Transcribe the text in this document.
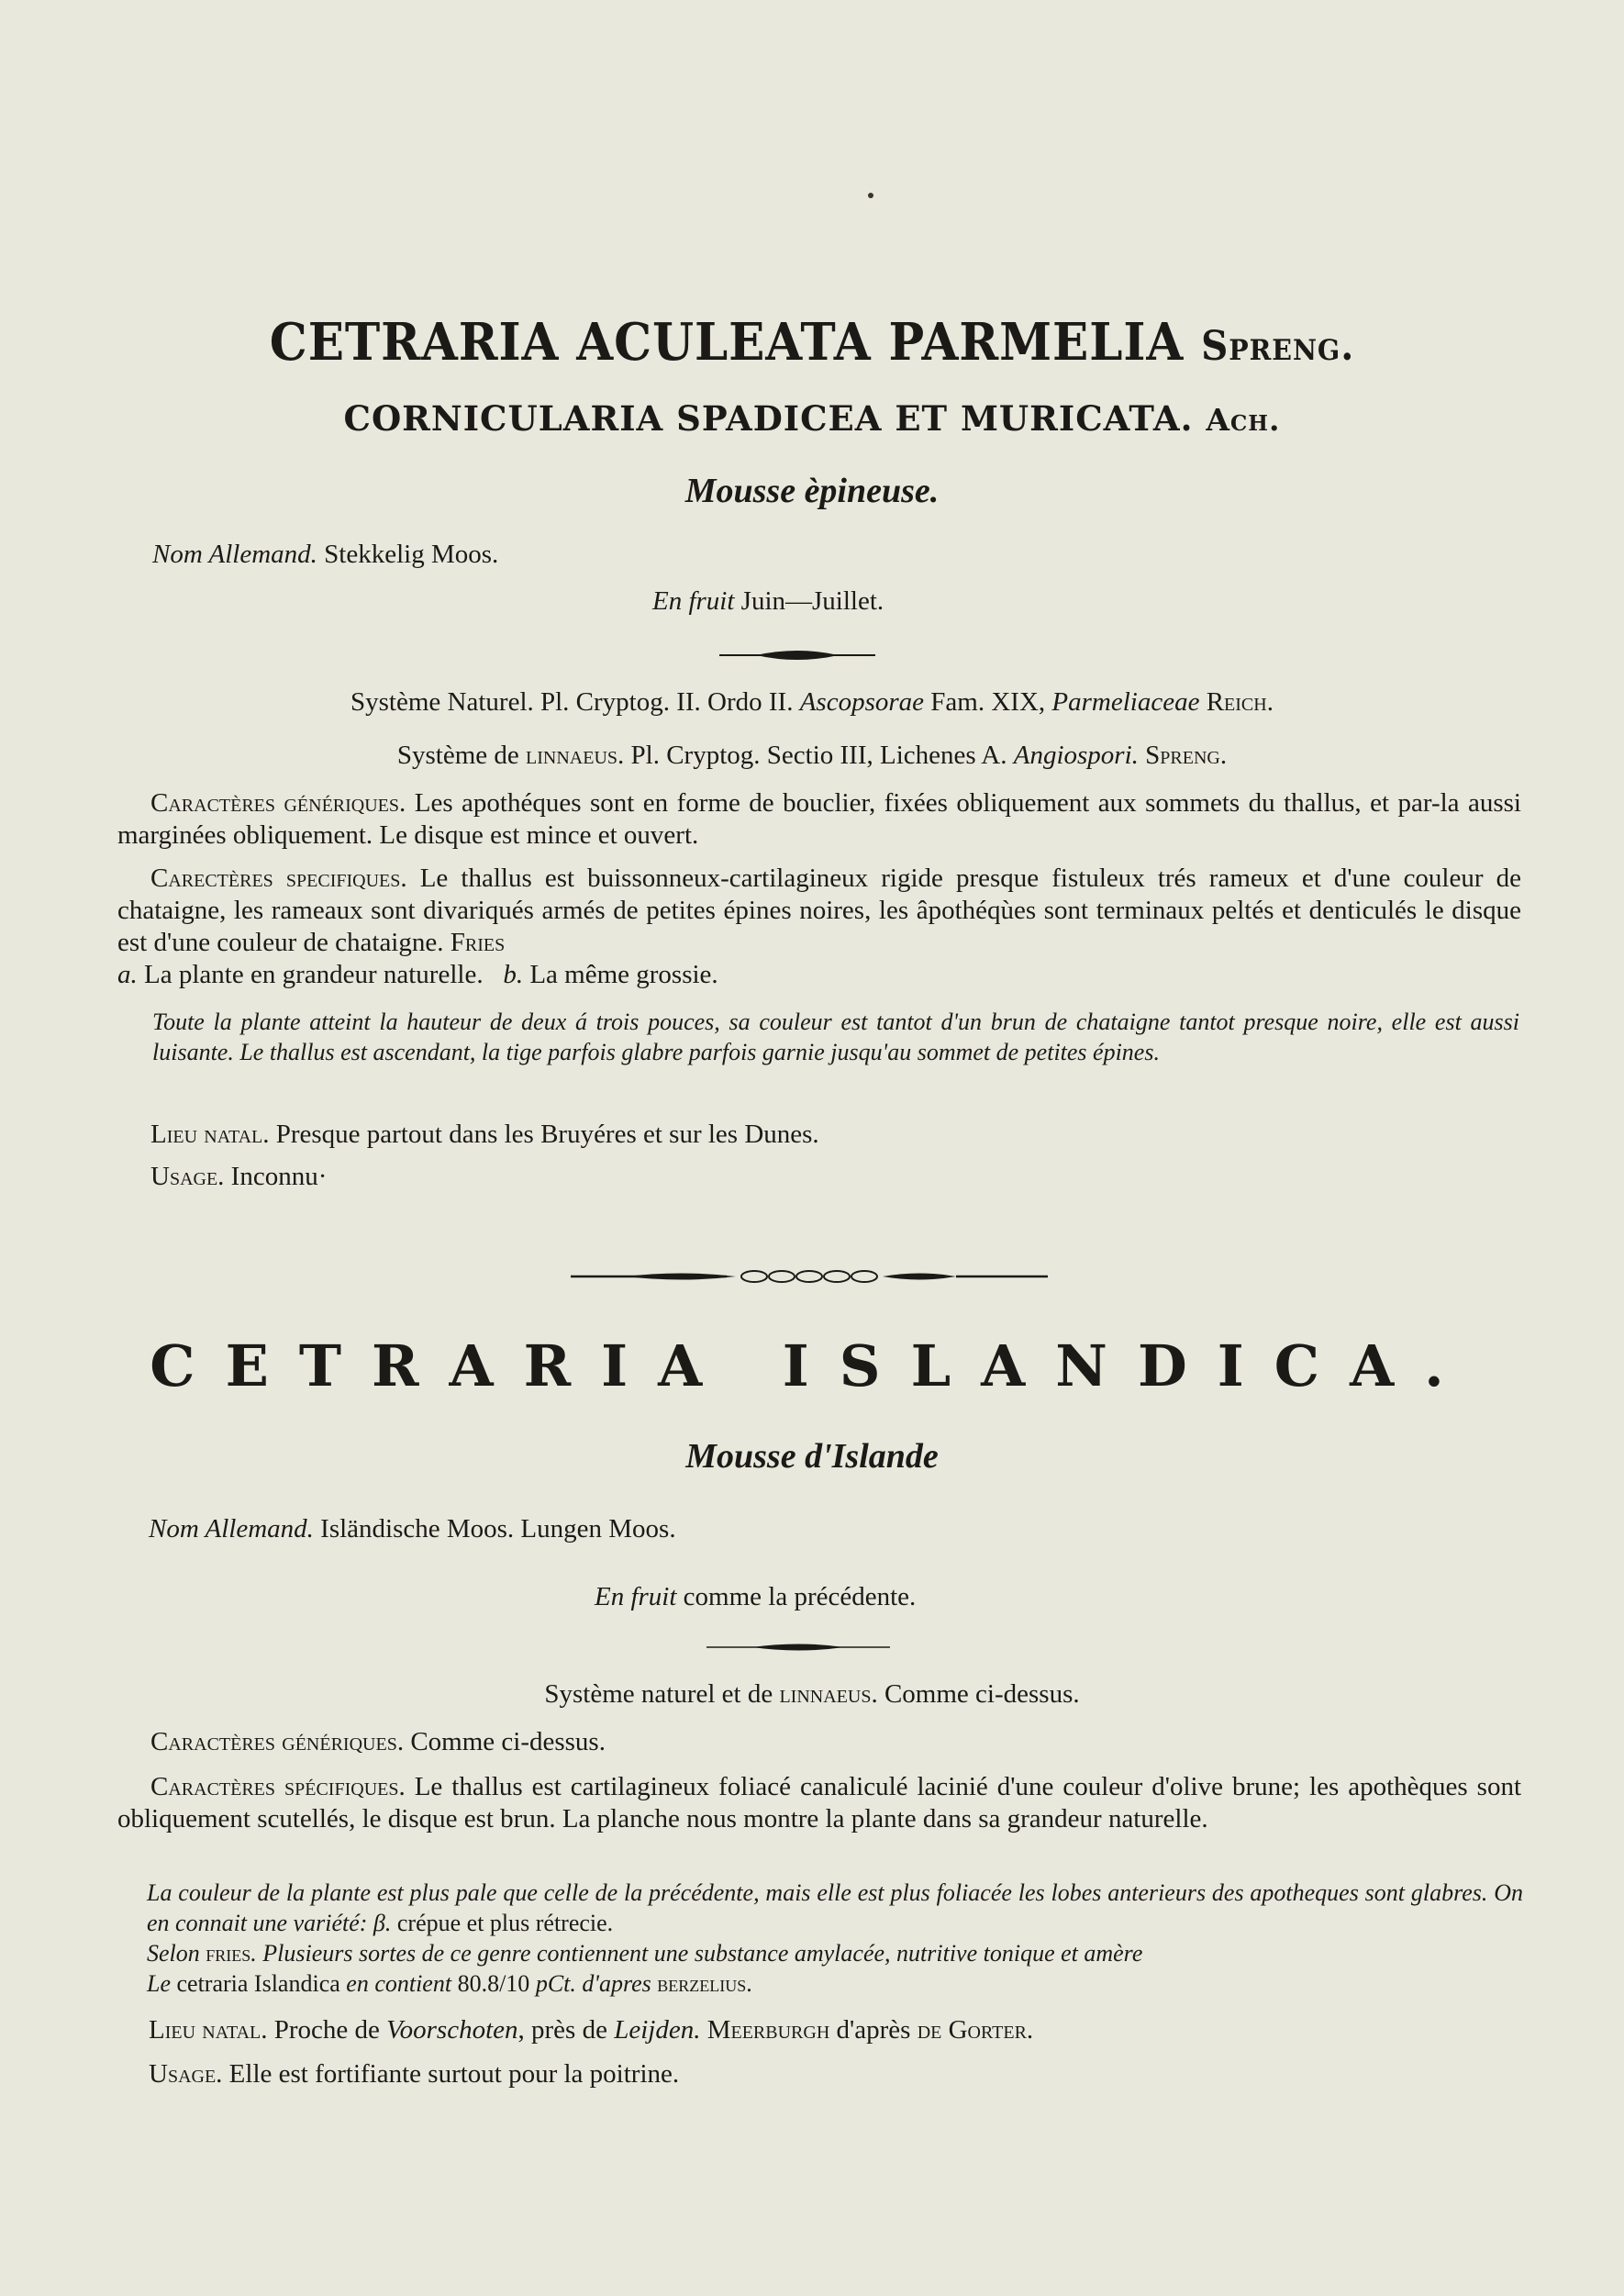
CETRARIA ACULEATA PARMELIA Spreng.
CORNICULARIA SPADICEA ET MURICATA. Ach.
Mousse èpineuse.
Nom Allemand. Stekkelig Moos.
En fruit Juin—Juillet.
Système Naturel. Pl. Cryptog. II. Ordo II. Ascopsorae Fam. XIX, Parmeliaceae Reich.
Système de linnaeus. Pl. Cryptog. Sectio III, Lichenes A. Angiospori. Spreng.
Caractères génériques. Les apothéques sont en forme de bouclier, fixées obliquement aux sommets du thallus, et par-la aussi marginées obliquement. Le disque est mince et ouvert.
Carectères specifiques. Le thallus est buissonneux-cartilagineux rigide presque fistuleux trés rameux et d'une couleur de chataigne, les rameaux sont divariqués armés de petites épines noires, les âpothéqùes sont terminaux peltés et denticulés le disque est d'une couleur de chataigne. Fries
a. La plante en grandeur naturelle. b. La même grossie.
Toute la plante atteint la hauteur de deux á trois pouces, sa couleur est tantot d'un brun de chataigne tantot presque noire, elle est aussi luisante. Le thallus est ascendant, la tige parfois glabre parfois garnie jusqu'au sommet de petites épines.
Lieu natal. Presque partout dans les Bruyéres et sur les Dunes.
Usage. Inconnu·
CETRARIA ISLANDICA.
Mousse d'Islande
Nom Allemand. Isländische Moos. Lungen Moos.
En fruit comme la précédente.
Système naturel et de linnaeus. Comme ci-dessus.
Caractères génériques. Comme ci-dessus.
Caractères spécifiques. Le thallus est cartilagineux foliacé canaliculé lacinié d'une couleur d'olive brune; les apothèques sont obliquement scutellés, le disque est brun. La planche nous montre la plante dans sa grandeur naturelle.
La couleur de la plante est plus pale que celle de la précédente, mais elle est plus foliacée les lobes anterieurs des apotheques sont glabres. On en connait une variété: β. crépue et plus rétrecie.
Selon fries. Plusieurs sortes de ce genre contiennent une substance amylacée, nutritive tonique et amère
Le cetraria Islandica en contient 80.8/10 pCt. d'apres berzelius.
Lieu natal. Proche de Voorschoten, près de Leijden. Meerburgh d'après de Gorter.
Usage. Elle est fortifiante surtout pour la poitrine.
